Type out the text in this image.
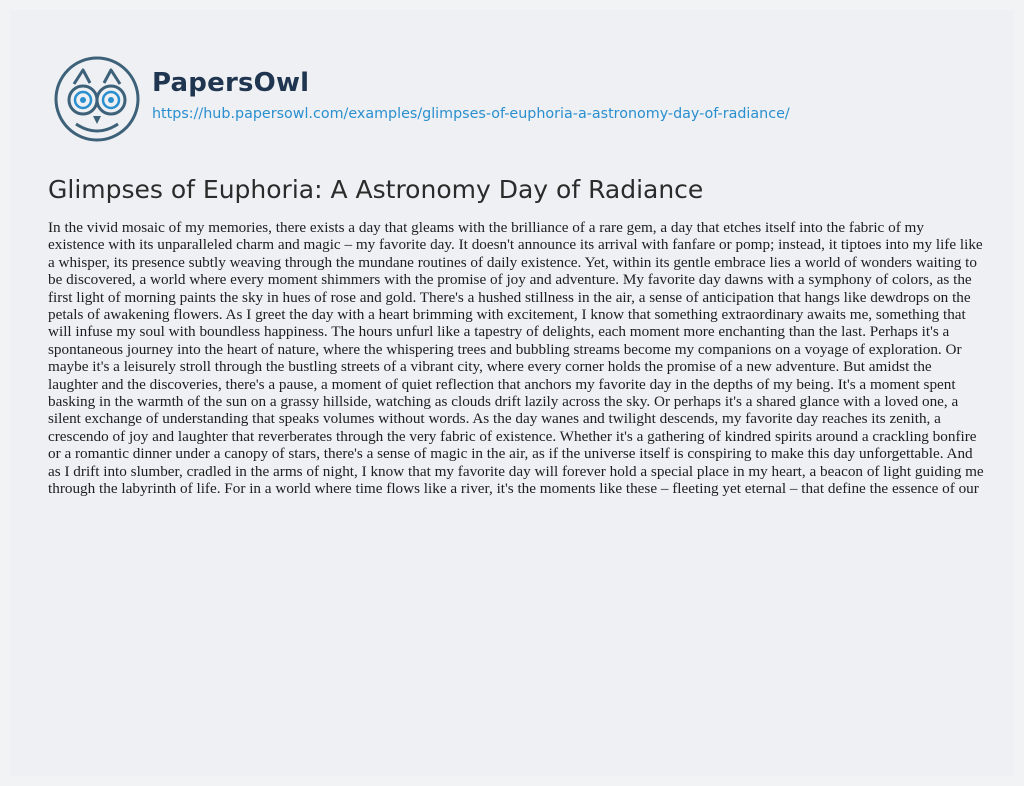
PapersOwl
https://hub.papersowl.com/examples/glimpses-of-euphoria-a-astronomy-day-of-radiance/
Glimpses of Euphoria: A Astronomy Day of Radiance

In the vivid mosaic of my memories, there exists a day that gleams with the brilliance of a rare gem, a day that etches itself into the fabric of my existence with its unparalleled charm and magic – my favorite day. It doesn't announce its arrival with fanfare or pomp; instead, it tiptoes into my life like a whisper, its presence subtly weaving through the mundane routines of daily existence. Yet, within its gentle embrace lies a world of wonders waiting to be discovered, a world where every moment shimmers with the promise of joy and adventure. My favorite day dawns with a symphony of colors, as the first light of morning paints the sky in hues of rose and gold. There's a hushed stillness in the air, a sense of anticipation that hangs like dewdrops on the petals of awakening flowers. As I greet the day with a heart brimming with excitement, I know that something extraordinary awaits me, something that will infuse my soul with boundless happiness. The hours unfurl like a tapestry of delights, each moment more enchanting than the last. Perhaps it's a spontaneous journey into the heart of nature, where the whispering trees and bubbling streams become my companions on a voyage of exploration. Or maybe it's a leisurely stroll through the bustling streets of a vibrant city, where every corner holds the promise of a new adventure. But amidst the laughter and the discoveries, there's a pause, a moment of quiet reflection that anchors my favorite day in the depths of my being. It's a moment spent basking in the warmth of the sun on a grassy hillside, watching as clouds drift lazily across the sky. Or perhaps it's a shared glance with a loved one, a silent exchange of understanding that speaks volumes without words. As the day wanes and twilight descends, my favorite day reaches its zenith, a crescendo of joy and laughter that reverberates through the very fabric of existence. Whether it's a gathering of kindred spirits around a crackling bonfire or a romantic dinner under a canopy of stars, there's a sense of magic in the air, as if the universe itself is conspiring to make this day unforgettable. And as I drift into slumber, cradled in the arms of night, I know that my favorite day will forever hold a special place in my heart, a beacon of light guiding me through the labyrinth of life. For in a world where time flows like a river, it's the moments like these – fleeting yet eternal – that define the essence of our
